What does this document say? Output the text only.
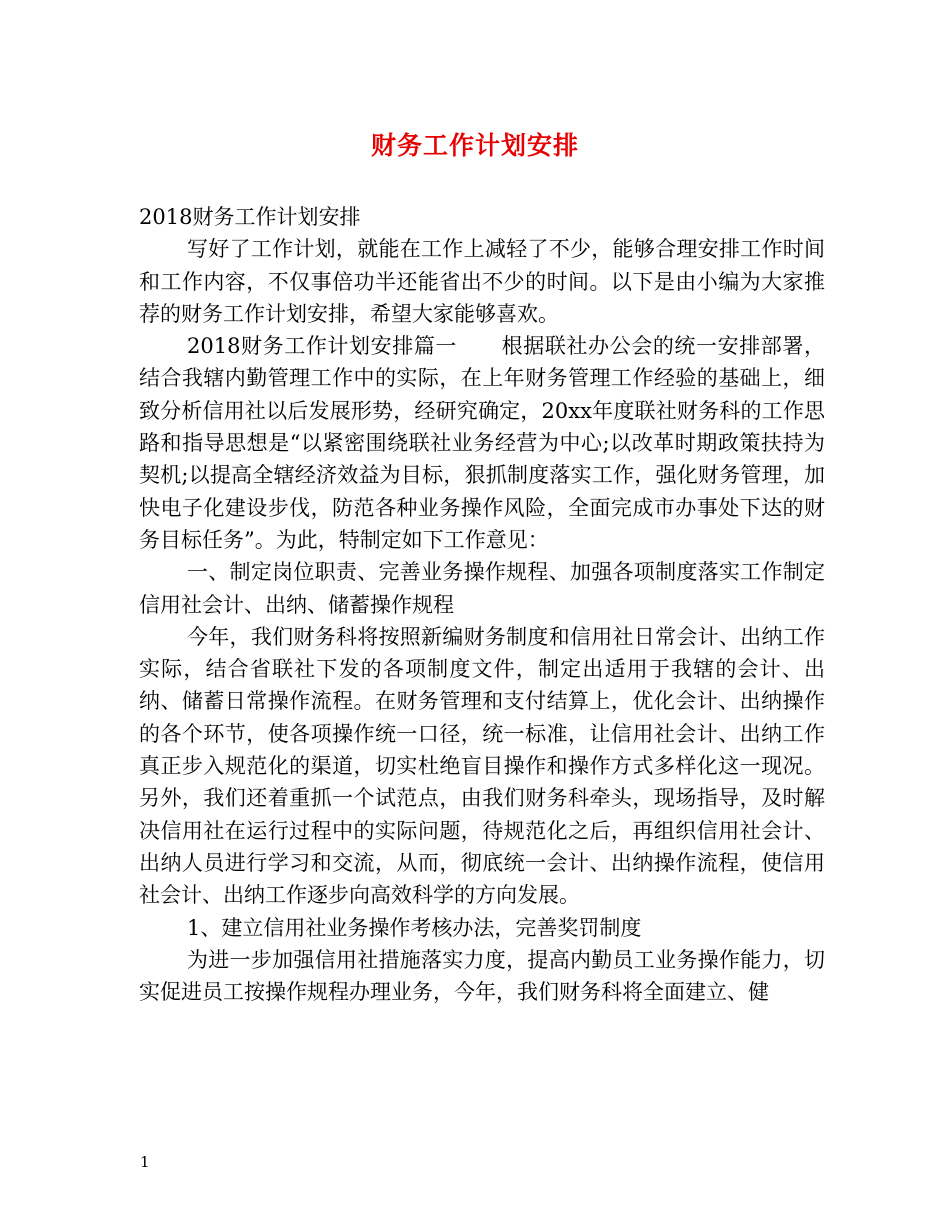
财务工作计划安排

2018财务工作计划安排

写好了工作计划，就能在工作上减轻了不少，能够合理安排工作时间和工作内容，不仅事倍功半还能省出不少的时间。以下是由小编为大家推荐的财务工作计划安排，希望大家能够喜欢。

2018财务工作计划安排篇一 根据联社办公会的统一安排部署，结合我辖内勤管理工作中的实际，在上年财务管理工作经验的基础上，细致分析信用社以后发展形势，经研究确定，20xx年度联社财务科的工作思路和指导思想是“以紧密围绕联社业务经营为中心;以改革时期政策扶持为契机;以提高全辖经济效益为目标，狠抓制度落实工作，强化财务管理，加快电子化建设步伐，防范各种业务操作风险，全面完成市办事处下达的财务目标任务”。为此，特制定如下工作意见：

一、制定岗位职责、完善业务操作规程、加强各项制度落实工作制定信用社会计、出纳、储蓄操作规程

今年，我们财务科将按照新编财务制度和信用社日常会计、出纳工作实际，结合省联社下发的各项制度文件，制定出适用于我辖的会计、出纳、储蓄日常操作流程。在财务管理和支付结算上，优化会计、出纳操作的各个环节，使各项操作统一口径，统一标准，让信用社会计、出纳工作真正步入规范化的渠道，切实杜绝盲目操作和操作方式多样化这一现况。另外，我们还着重抓一个试范点，由我们财务科牵头，现场指导，及时解决信用社在运行过程中的实际问题，待规范化之后，再组织信用社会计、出纳人员进行学习和交流，从而，彻底统一会计、出纳操作流程，使信用社会计、出纳工作逐步向高效科学的方向发展。

1、建立信用社业务操作考核办法，完善奖罚制度

为进一步加强信用社措施落实力度，提高内勤员工业务操作能力，切实促进员工按操作规程办理业务，今年，我们财务科将全面建立、健

1
